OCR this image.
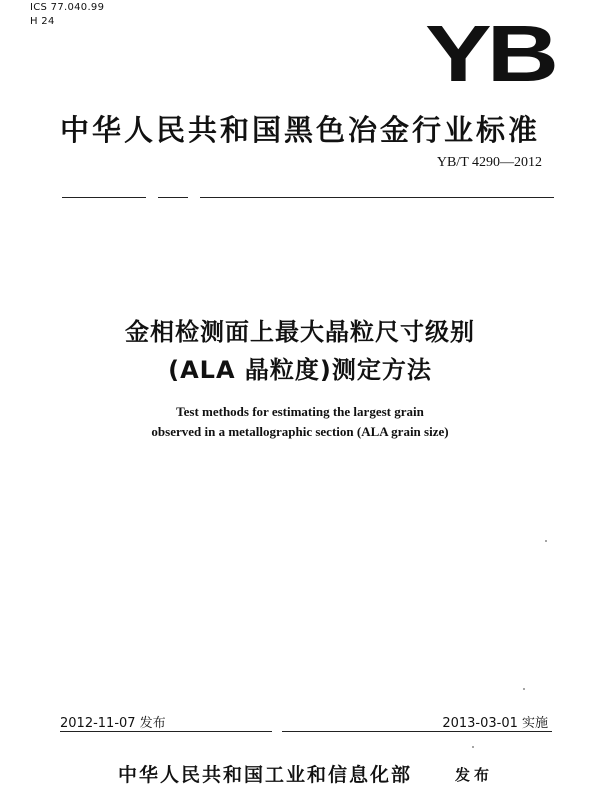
ICS 77.040.99
H 24	YB
中华人民共和国黑色冶金行业标准
YB/T 4290—2012
金相检测面上最大晶粒尺寸级别
(ALA 晶粒度)测定方法
Test methods for estimating the largest grain
observed in a metallographic section (ALA grain size)
2012-11-07 发布	2013-03-01 实施
中华人民共和国工业和信息化部	发布
